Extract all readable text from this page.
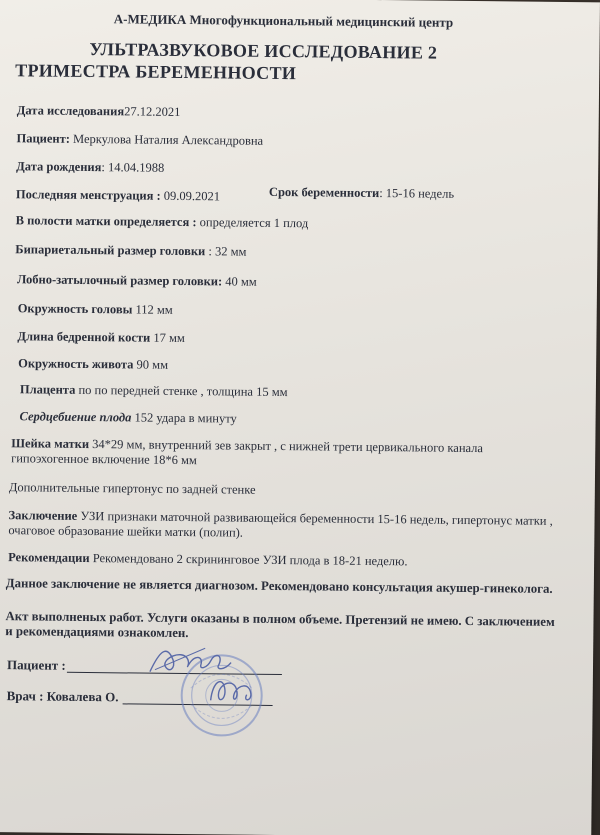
А-МЕДИКА Многофункциональный медицинский центр
УЛЬТРАЗВУКОВОЕ ИССЛЕДОВАНИЕ 2
ТРИМЕСТРА БЕРЕМЕННОСТИ
Дата исследования27.12.2021
Пациент: Меркулова Наталия Александровна
Дата рождения: 14.04.1988
Последняя менструация : 09.09.2021	Срок беременности: 15-16 недель
В полости матки определяется : определяется 1 плод
Бипариетальный размер головки : 32 мм
Лобно-затылочный размер головки: 40 мм
Окружность головы 112 мм
Длина бедренной кости 17 мм
Окружность живота 90 мм
Плацента по по передней стенке , толщина 15 мм
Сердцебиение плода 152 удара в минуту
Шейка матки 34*29 мм, внутренний зев закрыт , с нижней трети цервикального канала
гипоэхогенное включение 18*6 мм
Дополнительные гипертонус по задней стенке
Заключение УЗИ признаки маточной развивающейся беременности 15-16 недель, гипертонус матки ,
очаговое образование шейки матки (полип).
Рекомендации Рекомендовано 2 скрининговое УЗИ плода в 18-21 неделю.
Данное заключение не является диагнозом. Рекомендовано консультация акушер-гинеколога.
Акт выполненых работ. Услуги оказаны в полном объеме. Претензий не имею. С заключением
и рекомендациями ознакомлен.
Пациент :
Врач : Ковалева О.
